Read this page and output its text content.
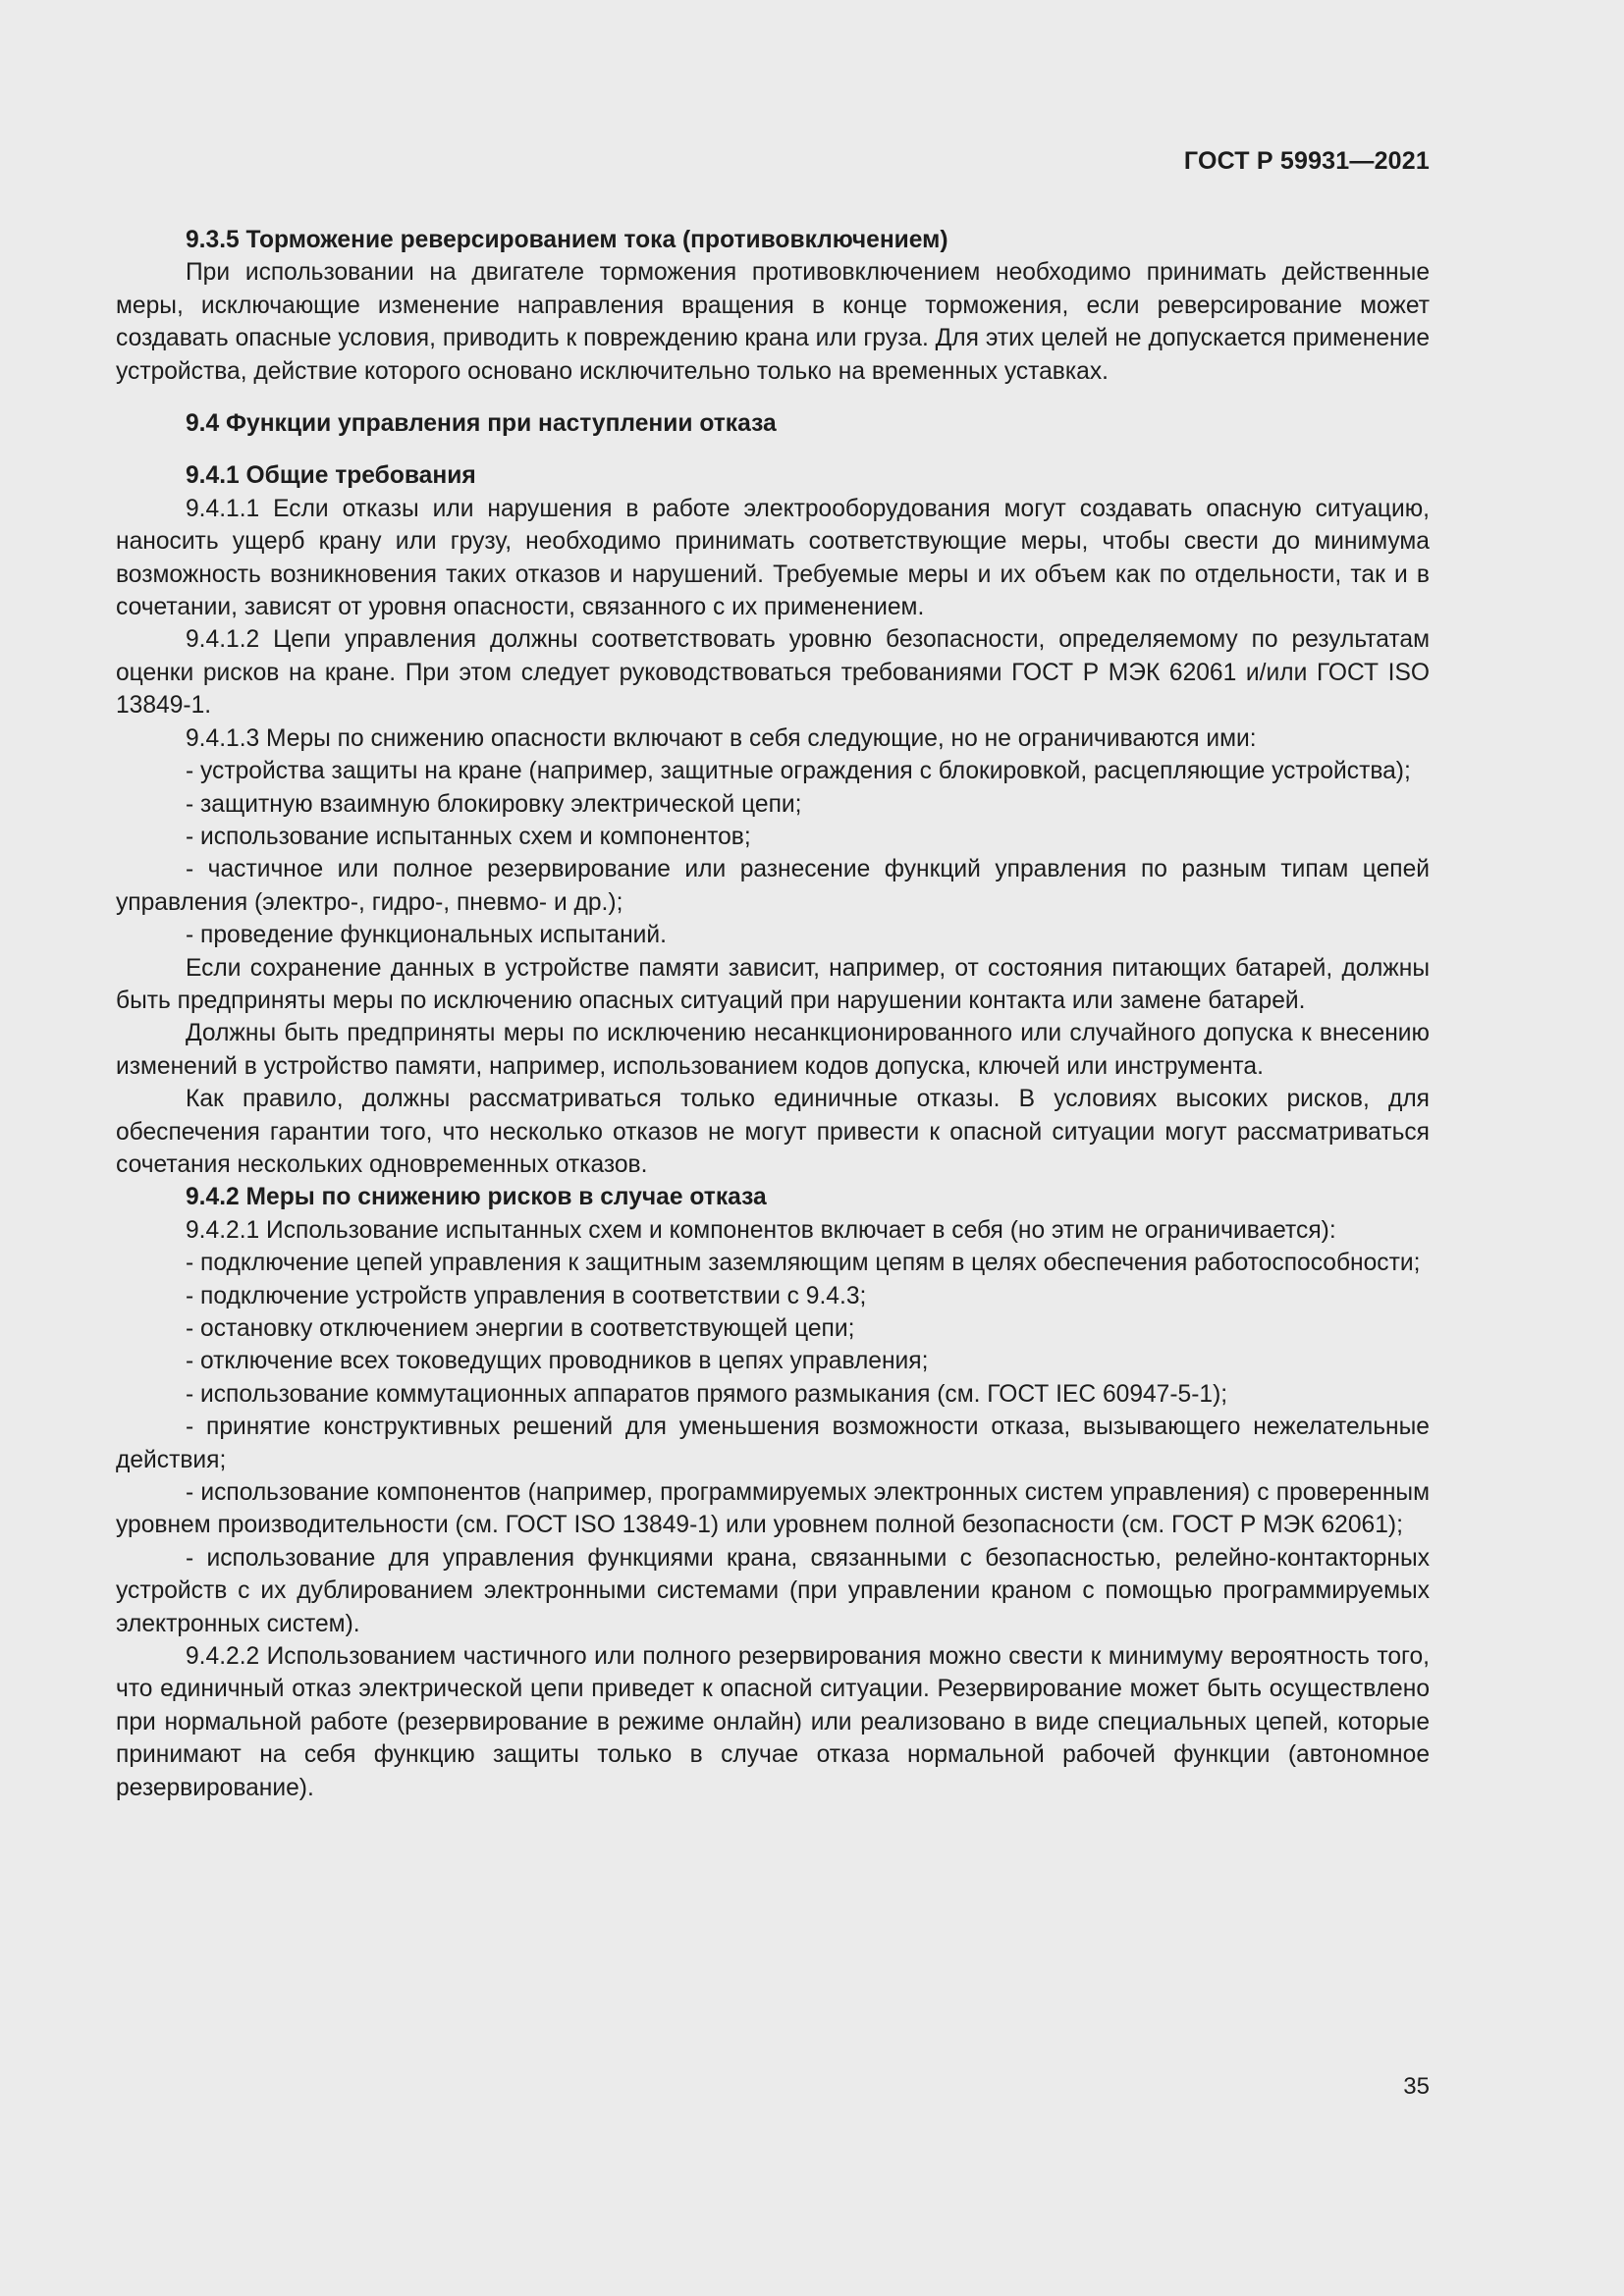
ГОСТ Р 59931—2021

9.3.5 Торможение реверсированием тока (противовключением)

При использовании на двигателе торможения противовключением необходимо принимать действенные меры, исключающие изменение направления вращения в конце торможения, если реверсирование может создавать опасные условия, приводить к повреждению крана или груза. Для этих целей не допускается применение устройства, действие которого основано исключительно только на временных уставках.

9.4 Функции управления при наступлении отказа

9.4.1 Общие требования

9.4.1.1 Если отказы или нарушения в работе электрооборудования могут создавать опасную ситуацию, наносить ущерб крану или грузу, необходимо принимать соответствующие меры, чтобы свести до минимума возможность возникновения таких отказов и нарушений. Требуемые меры и их объем как по отдельности, так и в сочетании, зависят от уровня опасности, связанного с их применением.

9.4.1.2 Цепи управления должны соответствовать уровню безопасности, определяемому по результатам оценки рисков на кране. При этом следует руководствоваться требованиями ГОСТ Р МЭК 62061 и/или ГОСТ ISO 13849-1.

9.4.1.3 Меры по снижению опасности включают в себя следующие, но не ограничиваются ими:

- устройства защиты на кране (например, защитные ограждения с блокировкой, расцепляющие устройства);

- защитную взаимную блокировку электрической цепи;

- использование испытанных схем и компонентов;

- частичное или полное резервирование или разнесение функций управления по разным типам цепей управления (электро-, гидро-, пневмо- и др.);

- проведение функциональных испытаний.

Если сохранение данных в устройстве памяти зависит, например, от состояния питающих батарей, должны быть предприняты меры по исключению опасных ситуаций при нарушении контакта или замене батарей.

Должны быть предприняты меры по исключению несанкционированного или случайного допуска к внесению изменений в устройство памяти, например, использованием кодов допуска, ключей или инструмента.

Как правило, должны рассматриваться только единичные отказы. В условиях высоких рисков, для обеспечения гарантии того, что несколько отказов не могут привести к опасной ситуации могут рассматриваться сочетания нескольких одновременных отказов.

9.4.2 Меры по снижению рисков в случае отказа

9.4.2.1 Использование испытанных схем и компонентов включает в себя (но этим не ограничивается):

- подключение цепей управления к защитным заземляющим цепям в целях обеспечения работоспособности;

- подключение устройств управления в соответствии с 9.4.3;

- остановку отключением энергии в соответствующей цепи;

- отключение всех токоведущих проводников в цепях управления;

- использование коммутационных аппаратов прямого размыкания (см. ГОСТ IEC 60947-5-1);

- принятие конструктивных решений для уменьшения возможности отказа, вызывающего нежелательные действия;

- использование компонентов (например, программируемых электронных систем управления) с проверенным уровнем производительности (см. ГОСТ ISO 13849-1) или уровнем полной безопасности (см. ГОСТ Р МЭК 62061);

- использование для управления функциями крана, связанными с безопасностью, релейно-контакторных устройств с их дублированием электронными системами (при управлении краном с помощью программируемых электронных систем).

9.4.2.2 Использованием частичного или полного резервирования можно свести к минимуму вероятность того, что единичный отказ электрической цепи приведет к опасной ситуации. Резервирование может быть осуществлено при нормальной работе (резервирование в режиме онлайн) или реализовано в виде специальных цепей, которые принимают на себя функцию защиты только в случае отказа нормальной рабочей функции (автономное резервирование).

35
